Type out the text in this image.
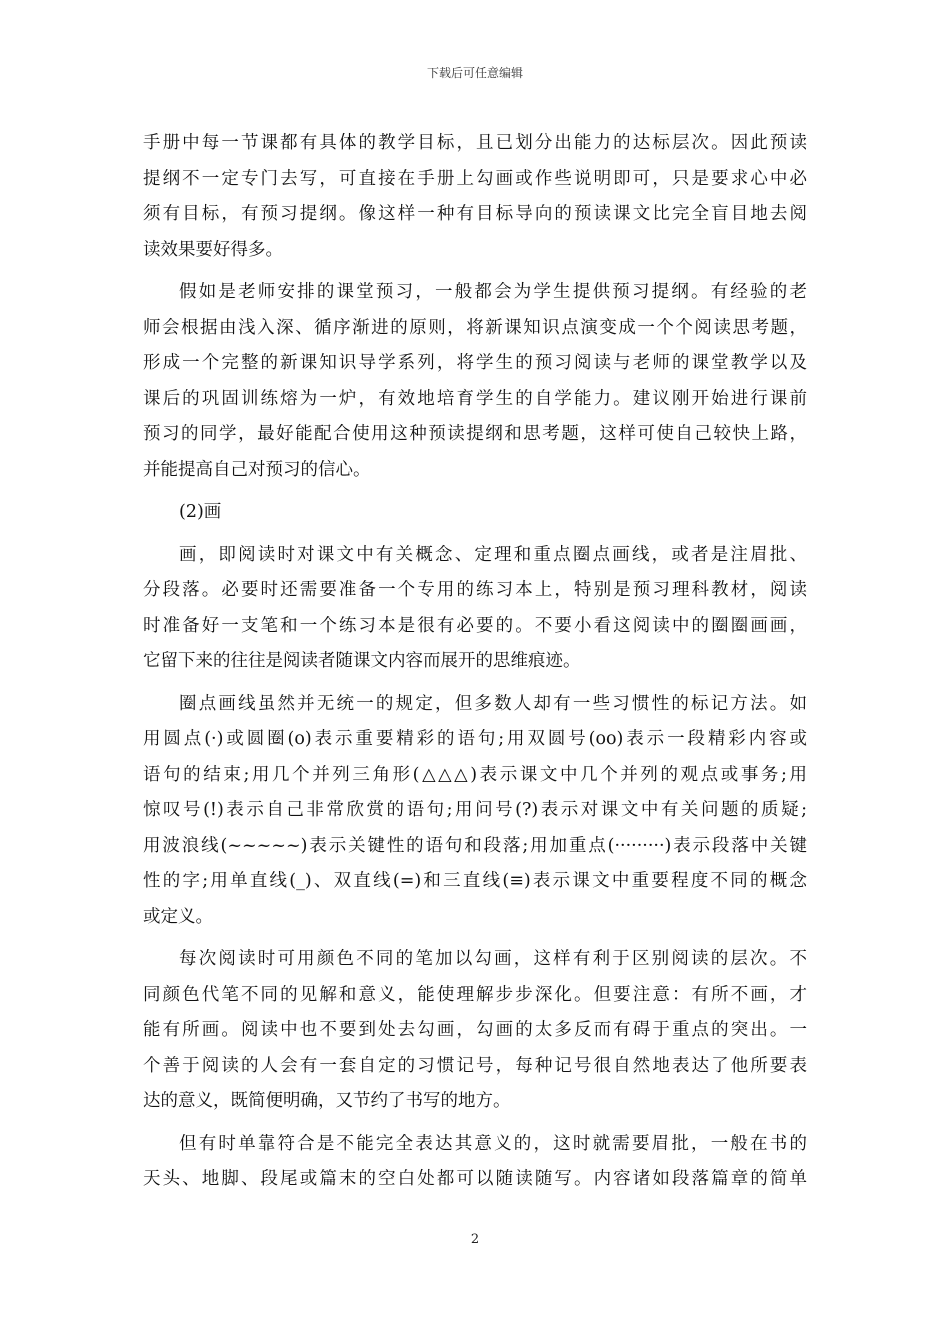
下载后可任意编辑
手册中每一节课都有具体的教学目标，且已划分出能力的达标层次。因此预读
提纲不一定专门去写，可直接在手册上勾画或作些说明即可，只是要求心中必
须有目标，有预习提纲。像这样一种有目标导向的预读课文比完全盲目地去阅
读效果要好得多。
假如是老师安排的课堂预习，一般都会为学生提供预习提纲。有经验的老
师会根据由浅入深、循序渐进的原则，将新课知识点演变成一个个阅读思考题，
形成一个完整的新课知识导学系列，将学生的预习阅读与老师的课堂教学以及
课后的巩固训练熔为一炉，有效地培育学生的自学能力。建议刚开始进行课前
预习的同学，最好能配合使用这种预读提纲和思考题，这样可使自己较快上路，
并能提高自己对预习的信心。
(2)画
画，即阅读时对课文中有关概念、定理和重点圈点画线，或者是注眉批、
分段落。必要时还需要准备一个专用的练习本上，特别是预习理科教材，阅读
时准备好一支笔和一个练习本是很有必要的。不要小看这阅读中的圈圈画画，
它留下来的往往是阅读者随课文内容而展开的思维痕迹。
圈点画线虽然并无统一的规定，但多数人却有一些习惯性的标记方法。如
用圆点(·)或圆圈(o)表示重要精彩的语句;用双圆号(oo)表示一段精彩内容或
语句的结束;用几个并列三角形(△△△)表示课文中几个并列的观点或事务;用
惊叹号(!)表示自己非常欣赏的语句;用问号(?)表示对课文中有关问题的质疑;
用波浪线(~~~~~)表示关键性的语句和段落;用加重点(·········)表示段落中关键
性的字;用单直线(_)、双直线(=)和三直线(≡)表示课文中重要程度不同的概念
或定义。
每次阅读时可用颜色不同的笔加以勾画，这样有利于区别阅读的层次。不
同颜色代笔不同的见解和意义，能使理解步步深化。但要注意：有所不画，才
能有所画。阅读中也不要到处去勾画，勾画的太多反而有碍于重点的突出。一
个善于阅读的人会有一套自定的习惯记号，每种记号很自然地表达了他所要表
达的意义，既简便明确，又节约了书写的地方。
但有时单靠符合是不能完全表达其意义的，这时就需要眉批，一般在书的
天头、地脚、段尾或篇末的空白处都可以随读随写。内容诸如段落篇章的简单
2
